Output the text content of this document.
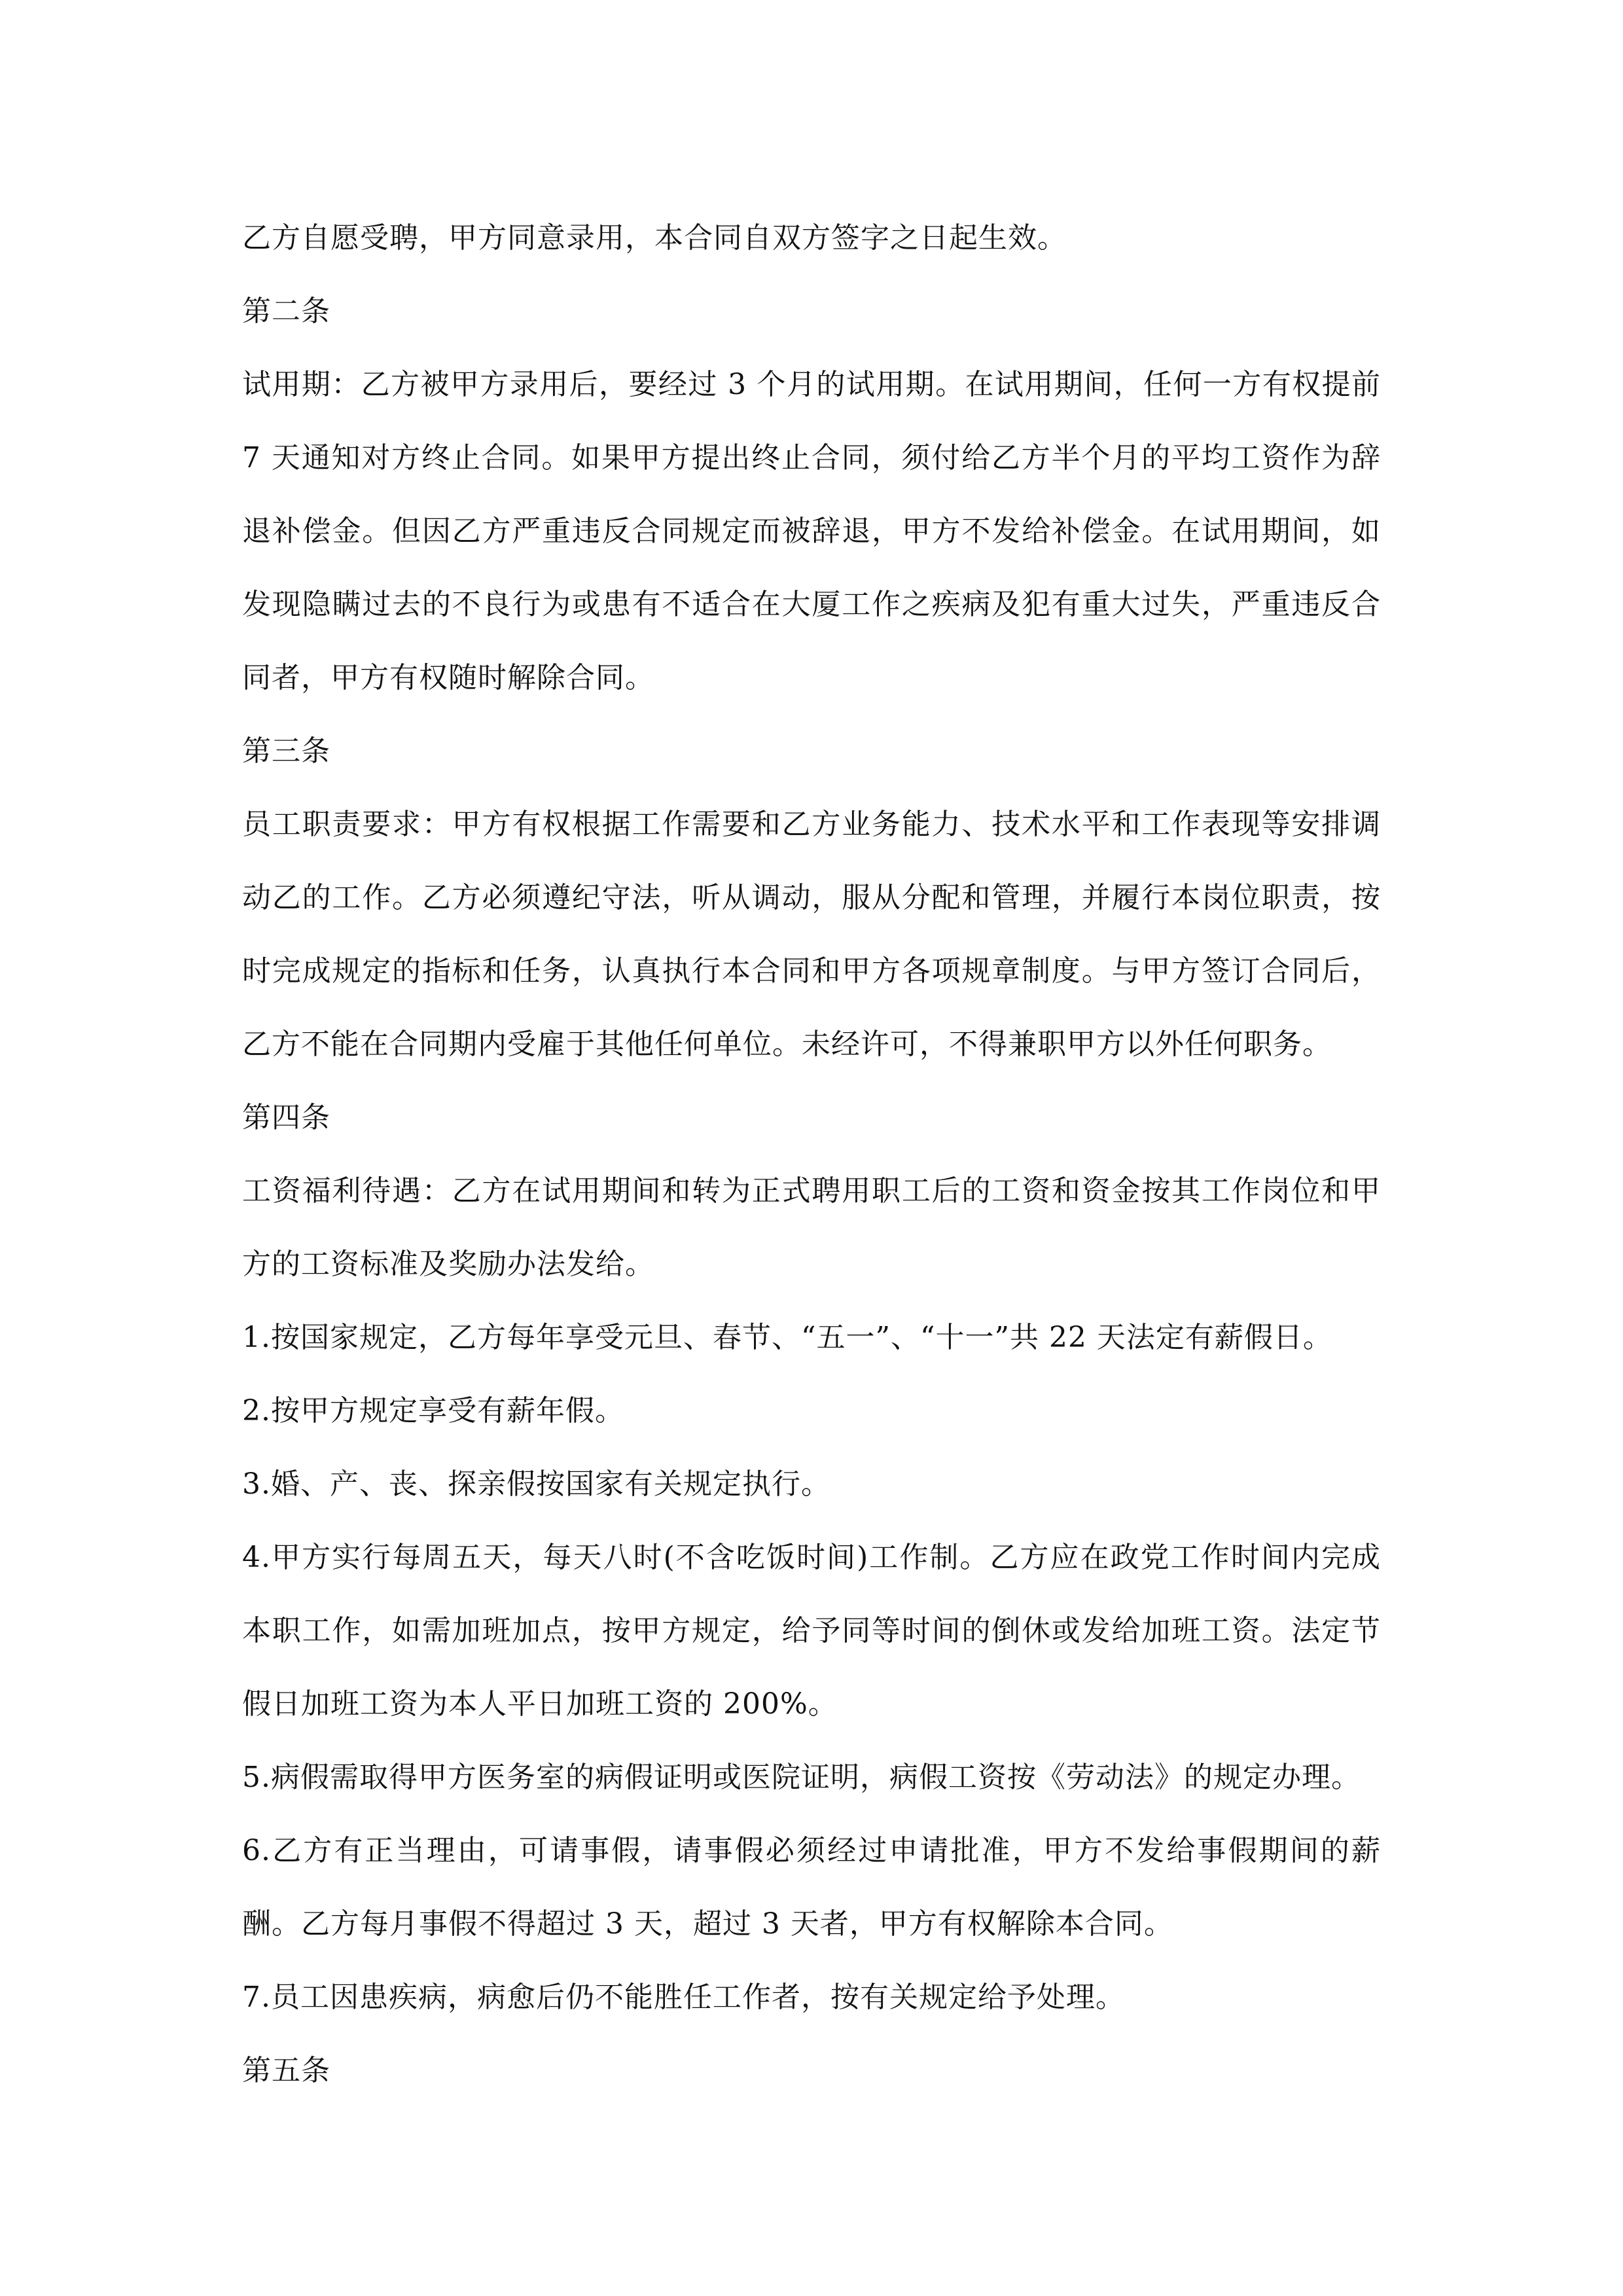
乙方自愿受聘，甲方同意录用，本合同自双方签字之日起生效。

第二条

试用期：乙方被甲方录用后，要经过 3 个月的试用期。在试用期间，任何一方有权提前 7 天通知对方终止合同。如果甲方提出终止合同，须付给乙方半个月的平均工资作为辞退补偿金。但因乙方严重违反合同规定而被辞退，甲方不发给补偿金。在试用期间，如发现隐瞒过去的不良行为或患有不适合在大厦工作之疾病及犯有重大过失，严重违反合同者，甲方有权随时解除合同。

第三条

员工职责要求：甲方有权根据工作需要和乙方业务能力、技术水平和工作表现等安排调动乙的工作。乙方必须遵纪守法，听从调动，服从分配和管理，并履行本岗位职责，按时完成规定的指标和任务，认真执行本合同和甲方各项规章制度。与甲方签订合同后，乙方不能在合同期内受雇于其他任何单位。未经许可，不得兼职甲方以外任何职务。

第四条

工资福利待遇：乙方在试用期间和转为正式聘用职工后的工资和资金按其工作岗位和甲方的工资标准及奖励办法发给。

1.按国家规定，乙方每年享受元旦、春节、“五一”、“十一”共 22 天法定有薪假日。

2.按甲方规定享受有薪年假。

3.婚、产、丧、探亲假按国家有关规定执行。

4.甲方实行每周五天，每天八时(不含吃饭时间)工作制。乙方应在政党工作时间内完成本职工作，如需加班加点，按甲方规定，给予同等时间的倒休或发给加班工资。法定节假日加班工资为本人平日加班工资的 200%。

5.病假需取得甲方医务室的病假证明或医院证明，病假工资按《劳动法》的规定办理。

6.乙方有正当理由，可请事假，请事假必须经过申请批准，甲方不发给事假期间的薪酬。乙方每月事假不得超过 3 天，超过 3 天者，甲方有权解除本合同。

7.员工因患疾病，病愈后仍不能胜任工作者，按有关规定给予处理。

第五条
